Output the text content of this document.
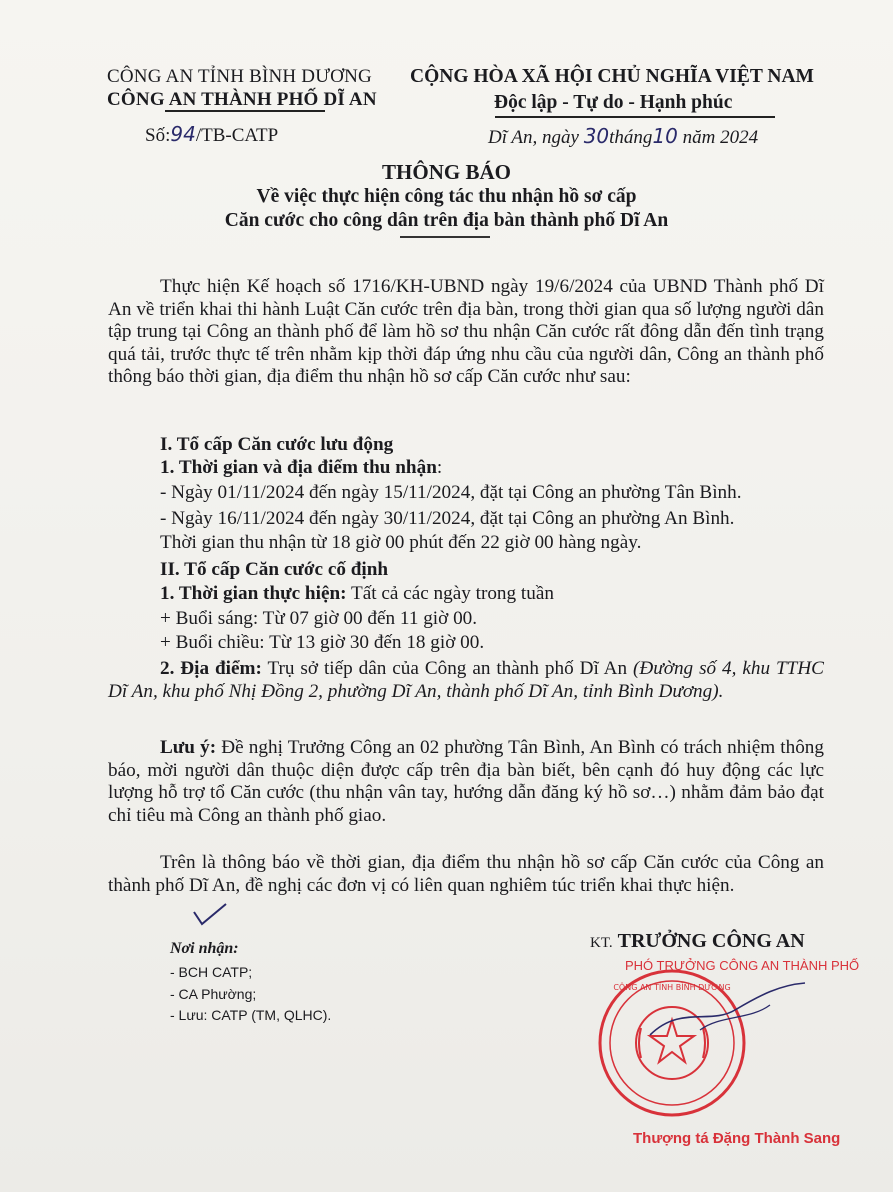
CÔNG AN TỈNH BÌNH DƯƠNG
CÔNG AN THÀNH PHỐ DĨ AN
Số:94/TB-CATP
CỘNG HÒA XÃ HỘI CHỦ NGHĨA VIỆT NAM
Độc lập - Tự do - Hạnh phúc
Dĩ An, ngày 30tháng10 năm 2024
THÔNG BÁO
Về việc thực hiện công tác thu nhận hồ sơ cấp
Căn cước cho công dân trên địa bàn thành phố Dĩ An
Thực hiện Kế hoạch số 1716/KH-UBND ngày 19/6/2024 của UBND Thành phố Dĩ An về triển khai thi hành Luật Căn cước trên địa bàn, trong thời gian qua số lượng người dân tập trung tại Công an thành phố để làm hồ sơ thu nhận Căn cước rất đông dẫn đến tình trạng quá tải, trước thực tế trên nhằm kịp thời đáp ứng nhu cầu của người dân, Công an thành phố thông báo thời gian, địa điểm thu nhận hồ sơ cấp Căn cước như sau:
I. Tổ cấp Căn cước lưu động
1. Thời gian và địa điểm thu nhận:
- Ngày 01/11/2024 đến ngày 15/11/2024, đặt tại Công an phường Tân Bình.
- Ngày 16/11/2024 đến ngày 30/11/2024, đặt tại Công an phường An Bình.
Thời gian thu nhận từ 18 giờ 00 phút đến 22 giờ 00 hàng ngày.
II. Tổ cấp Căn cước cố định
1. Thời gian thực hiện: Tất cả các ngày trong tuần
+ Buổi sáng: Từ 07 giờ 00 đến 11 giờ 00.
+ Buổi chiều: Từ 13 giờ 30 đến 18 giờ 00.
2. Địa điểm: Trụ sở tiếp dân của Công an thành phố Dĩ An (Đường số 4, khu TTHC Dĩ An, khu phố Nhị Đồng 2, phường Dĩ An, thành phố Dĩ An, tỉnh Bình Dương).
Lưu ý: Đề nghị Trưởng Công an 02 phường Tân Bình, An Bình có trách nhiệm thông báo, mời người dân thuộc diện được cấp trên địa bàn biết, bên cạnh đó huy động các lực lượng hỗ trợ tổ Căn cước (thu nhận vân tay, hướng dẫn đăng ký hồ sơ…) nhằm đảm bảo đạt chỉ tiêu mà Công an thành phố giao.
Trên là thông báo về thời gian, địa điểm thu nhận hồ sơ cấp Căn cước của Công an thành phố Dĩ An, đề nghị các đơn vị có liên quan nghiêm túc triển khai thực hiện.
Nơi nhận:
- BCH CATP;
- CA Phường;
- Lưu: CATP (TM, QLHC).
KT. TRƯỞNG CÔNG AN
PHÓ TRƯỞNG CÔNG AN THÀNH PHỐ
CÔNG AN TỈNH BÌNH DƯƠNG
Thượng tá Đặng Thành Sang
